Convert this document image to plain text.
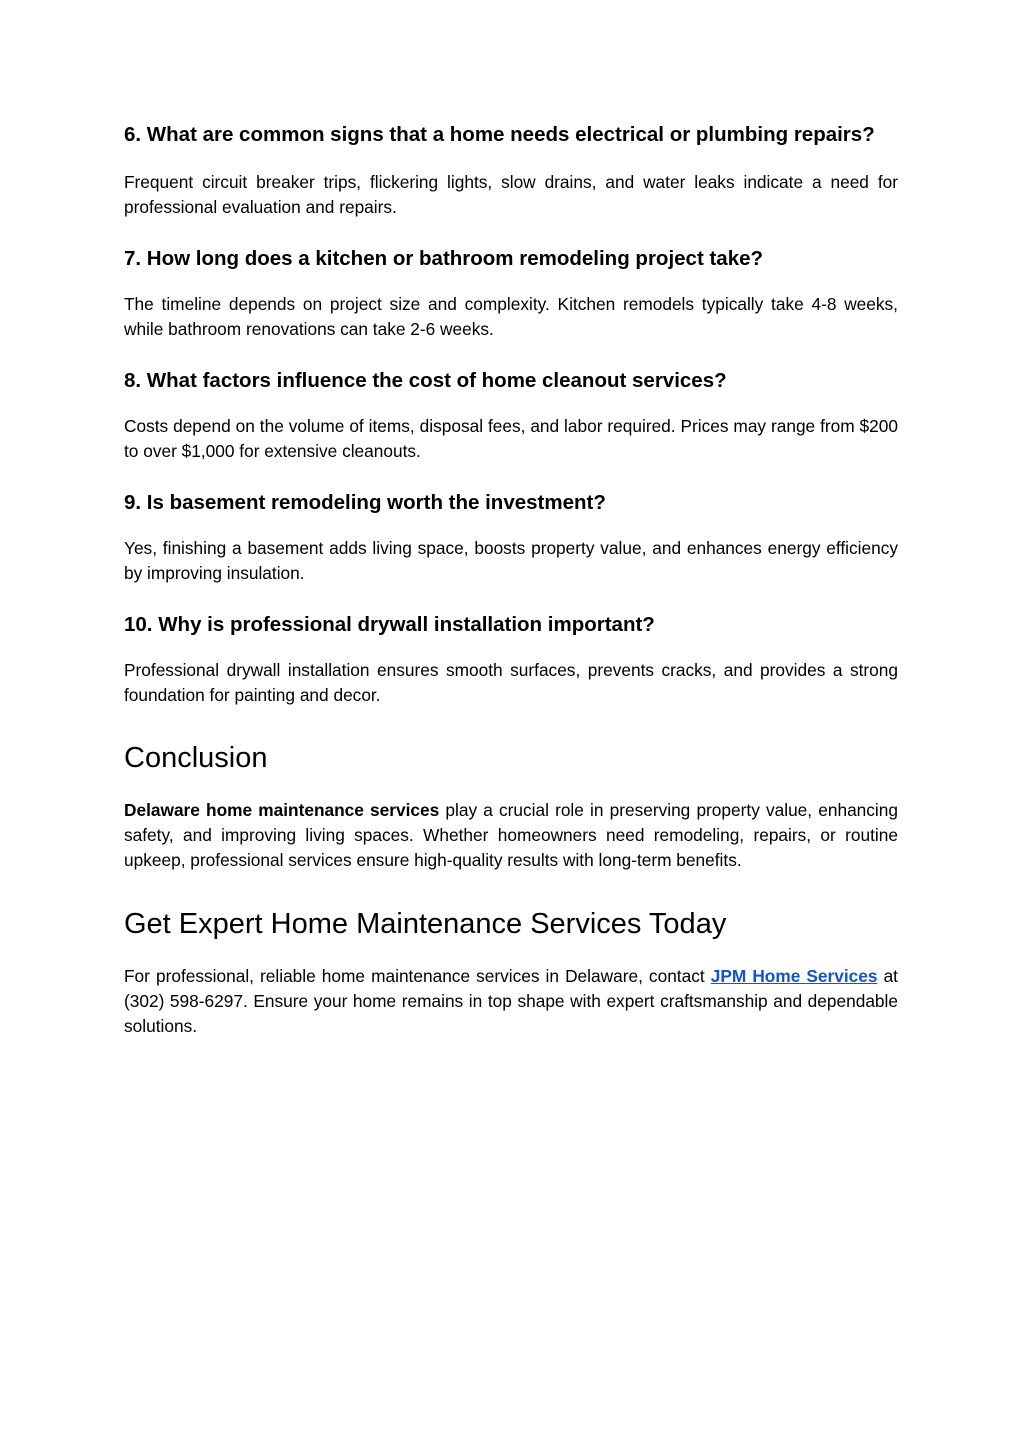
6. What are common signs that a home needs electrical or plumbing repairs?

Frequent circuit breaker trips, flickering lights, slow drains, and water leaks indicate a need for professional evaluation and repairs.

7. How long does a kitchen or bathroom remodeling project take?

The timeline depends on project size and complexity. Kitchen remodels typically take 4-8 weeks, while bathroom renovations can take 2-6 weeks.

8. What factors influence the cost of home cleanout services?

Costs depend on the volume of items, disposal fees, and labor required. Prices may range from $200 to over $1,000 for extensive cleanouts.

9. Is basement remodeling worth the investment?

Yes, finishing a basement adds living space, boosts property value, and enhances energy efficiency by improving insulation.

10. Why is professional drywall installation important?

Professional drywall installation ensures smooth surfaces, prevents cracks, and provides a strong foundation for painting and decor.

Conclusion

Delaware home maintenance services play a crucial role in preserving property value, enhancing safety, and improving living spaces. Whether homeowners need remodeling, repairs, or routine upkeep, professional services ensure high-quality results with long-term benefits.

Get Expert Home Maintenance Services Today

For professional, reliable home maintenance services in Delaware, contact JPM Home Services at (302) 598-6297. Ensure your home remains in top shape with expert craftsmanship and dependable solutions.
